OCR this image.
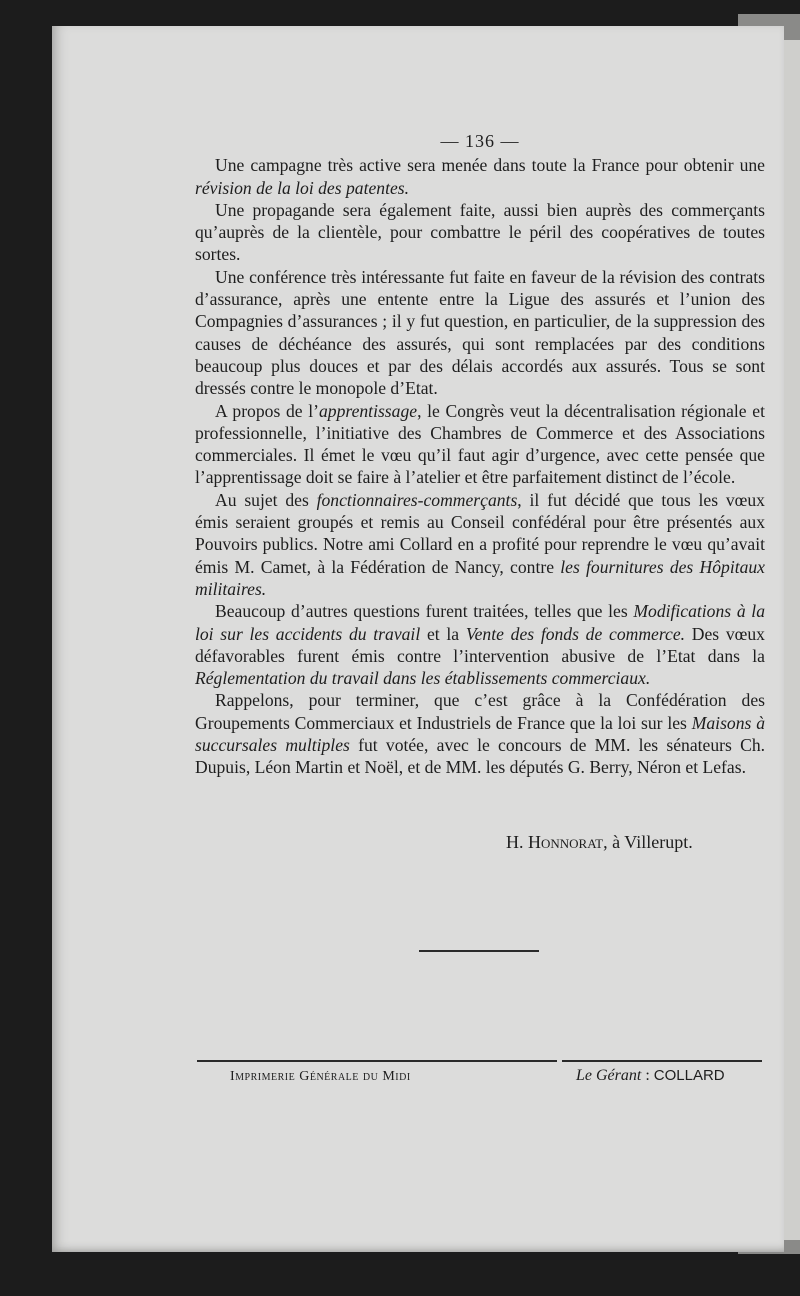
— 136 —

Une campagne très active sera menée dans toute la France pour obtenir une révision de la loi des patentes.

Une propagande sera également faite, aussi bien auprès des commerçants qu’auprès de la clientèle, pour combattre le péril des coopératives de toutes sortes.

Une conférence très intéressante fut faite en faveur de la révision des contrats d’assurance, après une entente entre la Ligue des assurés et l’union des Compagnies d’assurances ; il y fut question, en particulier, de la suppression des causes de déchéance des assurés, qui sont remplacées par des conditions beaucoup plus douces et par des délais accordés aux assurés. Tous se sont dressés contre le monopole d’Etat.

A propos de l’apprentissage, le Congrès veut la décentralisation régionale et professionnelle, l’initiative des Chambres de Commerce et des Associations commerciales. Il émet le vœu qu’il faut agir d’urgence, avec cette pensée que l’apprentissage doit se faire à l’atelier et être parfaitement distinct de l’école.

Au sujet des fonctionnaires-commerçants, il fut décidé que tous les vœux émis seraient groupés et remis au Conseil confédéral pour être présentés aux Pouvoirs publics. Notre ami Collard en a profité pour reprendre le vœu qu’avait émis M. Camet, à la Fédération de Nancy, contre les fournitures des Hôpitaux militaires.

Beaucoup d’autres questions furent traitées, telles que les Modifications à la loi sur les accidents du travail et la Vente des fonds de commerce. Des vœux défavorables furent émis contre l’intervention abusive de l’Etat dans la Réglementation du travail dans les établissements commerciaux.

Rappelons, pour terminer, que c’est grâce à la Confédération des Groupements Commerciaux et Industriels de France que la loi sur les Maisons à succursales multiples fut votée, avec le concours de MM. les sénateurs Ch. Dupuis, Léon Martin et Noël, et de MM. les députés G. Berry, Néron et Lefas.

H. Honnorat, à Villerupt.
Imprimerie Générale du Midi	Le Gérant : COLLARD
